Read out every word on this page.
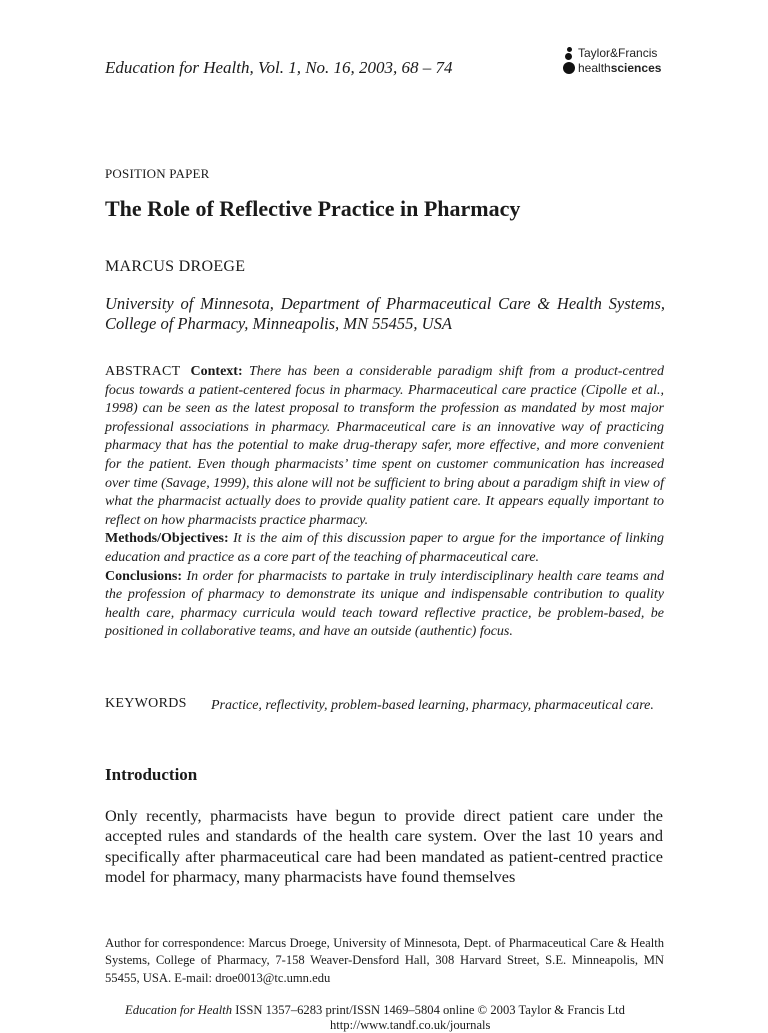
Education for Health, Vol. 1, No. 16, 2003, 68 – 74
Taylor&Francis
healthsciences
POSITION PAPER
The Role of Reflective Practice in Pharmacy
MARCUS DROEGE
University of Minnesota, Department of Pharmaceutical Care & Health Systems, College of Pharmacy, Minneapolis, MN 55455, USA

ABSTRACT Context: There has been a considerable paradigm shift from a product-centred focus towards a patient-centered focus in pharmacy. Pharmaceutical care practice (Cipolle et al., 1998) can be seen as the latest proposal to transform the profession as mandated by most major professional associations in pharmacy. Pharmaceutical care is an innovative way of practicing pharmacy that has the potential to make drug-therapy safer, more effective, and more convenient for the patient. Even though pharmacists’ time spent on customer communication has increased over time (Savage, 1999), this alone will not be sufficient to bring about a paradigm shift in view of what the pharmacist actually does to provide quality patient care. It appears equally important to reflect on how pharmacists practice pharmacy.

Methods/Objectives: It is the aim of this discussion paper to argue for the importance of linking education and practice as a core part of the teaching of pharmaceutical care.

Conclusions: In order for pharmacists to partake in truly interdisciplinary health care teams and the profession of pharmacy to demonstrate its unique and indispensable contribution to quality health care, pharmacy curricula would teach toward reflective practice, be problem-based, be positioned in collaborative teams, and have an outside (authentic) focus.

KEYWORDS Practice, reflectivity, problem-based learning, pharmacy, pharmaceutical care.
Introduction

Only recently, pharmacists have begun to provide direct patient care under the accepted rules and standards of the health care system. Over the last 10 years and specifically after pharmaceutical care had been mandated as patient-centred practice model for pharmacy, many pharmacists have found themselves

Author for correspondence: Marcus Droege, University of Minnesota, Dept. of Pharmaceutical Care & Health Systems, College of Pharmacy, 7-158 Weaver-Densford Hall, 308 Harvard Street, S.E. Minneapolis, MN 55455, USA. E-mail: droe0013@tc.umn.edu

Education for Health ISSN 1357–6283 print/ISSN 1469–5804 online © 2003 Taylor & Francis Ltd
http://www.tandf.co.uk/journals
